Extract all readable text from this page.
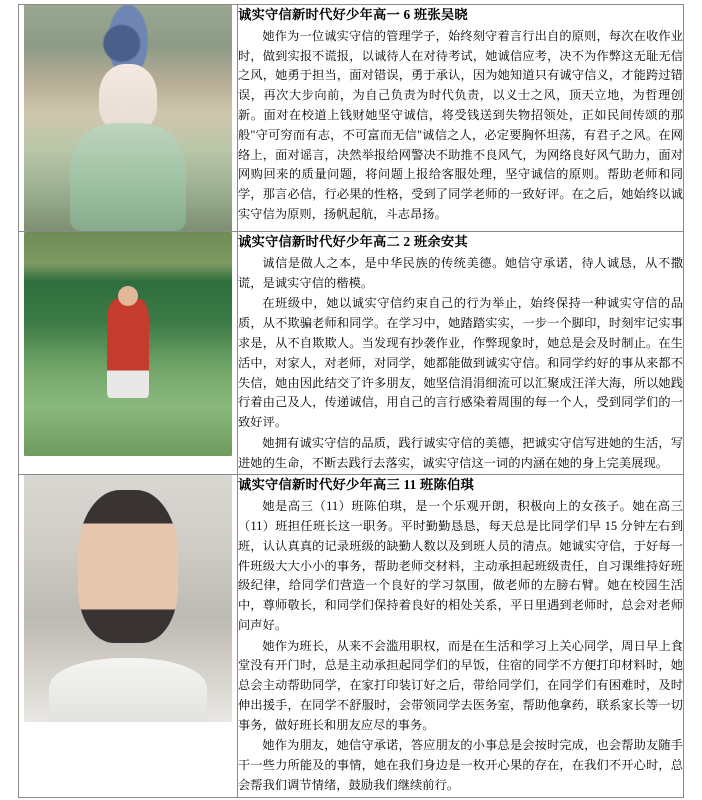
	诚实守信新时代好少年高一 6 班张吴晓

她作为一位诚实守信的管理学子，始终刻守着言行出自的原则，每次在收作业时，做到实报不谎报，以诚待人在对待考试，她诚信应考，决不为作弊这无耻无信之风，她勇于担当，面对错误，勇于承认，因为她知道只有诚守信义，才能跨过错误，再次大步向前，为自己负责为时代负责，以义士之风，顶天立地，为哲理创新。面对在校道上钱财她坚守诚信，将受钱送到失物招领处，正如民间传颂的那般"守可穷而有志，不可富而无信"诚信之人，必定要胸怀坦荡，有君子之风。在网络上，面对谣言，决然举报给网警决不助推不良风气，为网络良好风气助力，面对网购回来的质量问题，将问题上报给客服处理，坚守诚信的原则。帮助老师和同学，那言必信，行必果的性格，受到了同学老师的一致好评。在之后，她始终以诚实守信为原则，扬帆起航，斗志昂扬。

	诚实守信新时代好少年高二 2 班余安其

诚信是做人之本，是中华民族的传统美德。她信守承诺，待人诚恳，从不撒谎，是诚实守信的楷模。

在班级中，她以诚实守信约束自己的行为举止，始终保持一种诚实守信的品质，从不欺骗老师和同学。在学习中，她踏踏实实，一步一个脚印，时刻牢记实事求是，从不自欺欺人。当发现有抄袭作业，作弊现象时，她总是会及时制止。在生活中，对家人，对老师，对同学，她都能做到诚实守信。和同学约好的事从来都不失信，她由因此结交了许多朋友，她坚信涓涓细流可以汇聚成汪洋大海，所以她践行着由己及人，传递诚信，用自己的言行感染着周围的每一个人，受到同学们的一致好评。

她拥有诚实守信的品质，践行诚实守信的美德，把诚实守信写进她的生活，写进她的生命，不断去践行去落实，诚实守信这一词的内涵在她的身上完美展现。

	诚实守信新时代好少年高三 11 班陈伯琪

她是高三（11）班陈伯琪，是一个乐观开朗，积极向上的女孩子。她在高三（11）班担任班长这一职务。平时勤勤恳恳，每天总是比同学们早 15 分钟左右到班，认认真真的记录班级的缺勤人数以及到班人员的清点。她诚实守信，于好每一件班级大大小小的事务，帮助老师交材料，主动承担起班级责任，自习课维持好班级纪律，给同学们营造一个良好的学习氛围，做老师的左膀右臂。她在校园生活中，尊师敬长，和同学们保持着良好的相处关系，平日里遇到老师时，总会对老师问声好。

她作为班长，从来不会滥用职权，而是在生活和学习上关心同学，周日早上食堂没有开门时，总是主动承担起同学们的早饭，住宿的同学不方便打印材料时，她总会主动帮助同学，在家打印装订好之后，带给同学们，在同学们有困难时，及时伸出援手，在同学不舒服时，会带领同学去医务室，帮助他拿药，联系家长等一切事务，做好班长和朋友应尽的事务。

她作为朋友，她信守承诺，答应朋友的小事总是会按时完成，也会帮助友随手干一些力所能及的事情，她在我们身边是一枚开心果的存在，在我们不开心时，总会帮我们调节情绪，鼓励我们继续前行。
